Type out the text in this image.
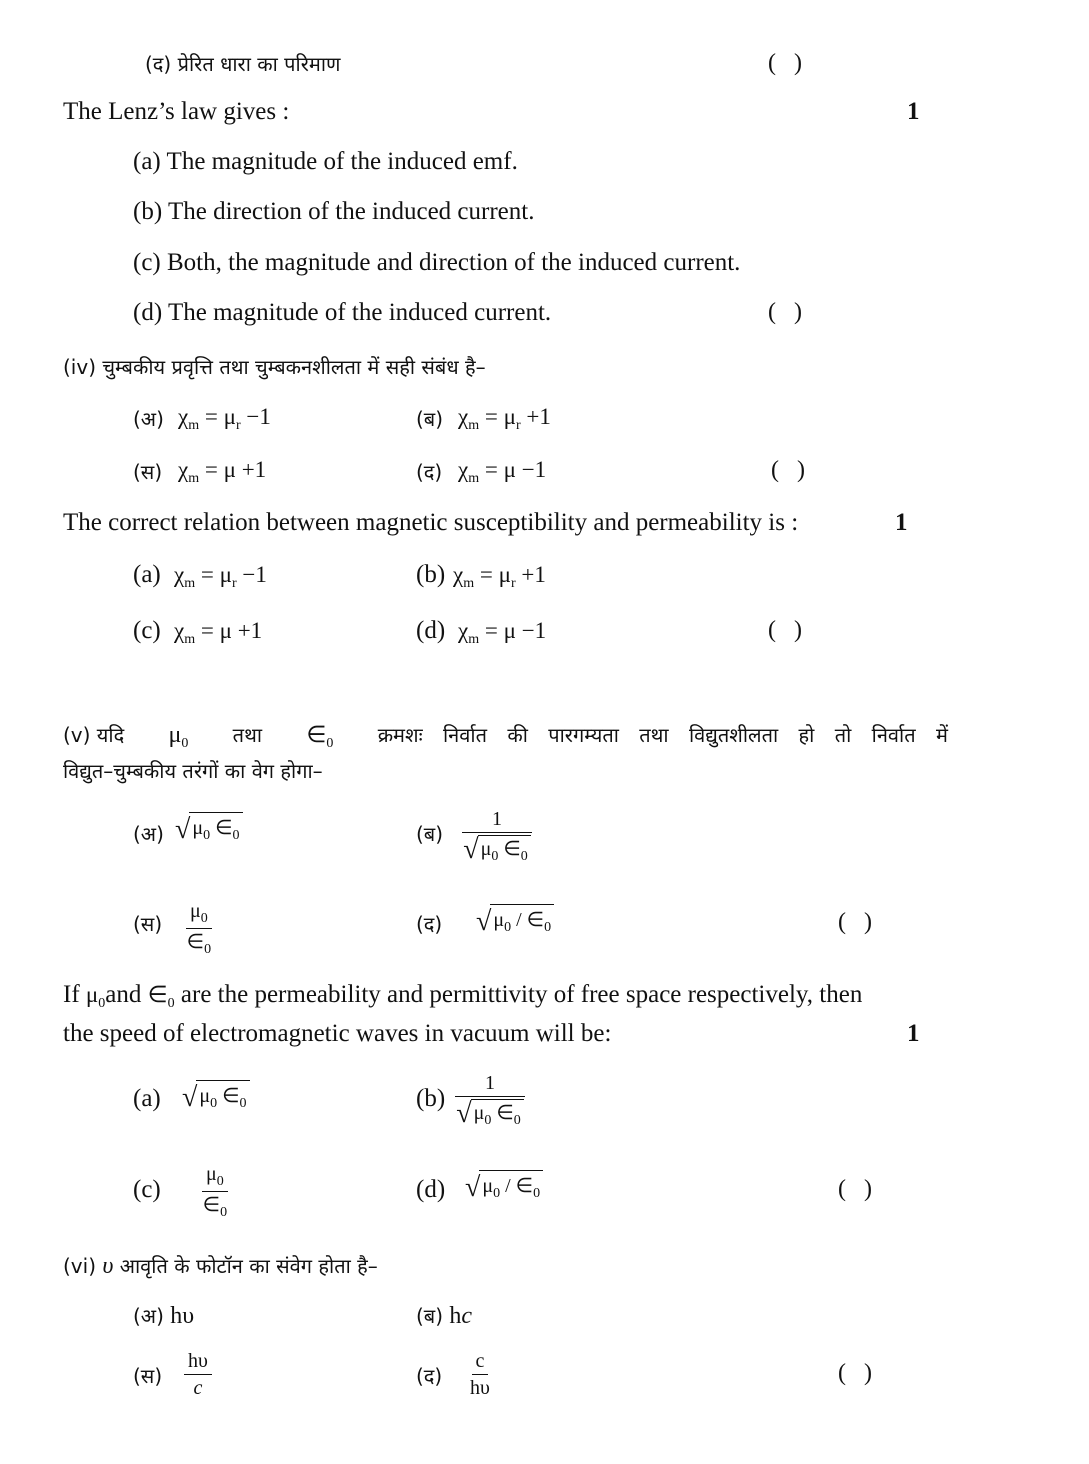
(द) प्रेरित धारा का परिमाण	( )
The Lenz’s law gives :	1
(a) The magnitude of the induced emf.
(b) The direction of the induced current.
(c) Both, the magnitude and direction of the induced current.
(d) The magnitude of the induced current.	( )
(iv) चुम्बकीय प्रवृत्ति तथा चुम्बकनशीलता में सही संबंध है–
(अ) $\chi_m = \mu_r -1$	(ब) $\chi_m = \mu_r +1$
(स) $\chi_m = \mu +1$	(द) $\chi_m = \mu -1$	( )
The correct relation between magnetic susceptibility and permeability is :	1
(a) $\chi_m = \mu_r -1$	(b) $\chi_m = \mu_r +1$
(c) $\chi_m = \mu +1$	(d) $\chi_m = \mu -1$	( )
(v) यदि $\mu_0$ तथा $\in_0$ क्रमशः निर्वात की पारगम्यता तथा विद्युतशीलता हो तो निर्वात में
विद्युत–चुम्बकीय तरंगों का वेग होगा–
(अ) √ $\mu_0$ $\in_0$	(ब) $\frac{1}{√ \mu_0 \in_0}$
(स) $\frac{\mu_0}{\in_0}$	(द) √ $\mu_0$ / $\in_0$	( )
If $\mu_0and$ $\in_0$ are the permeability and permittivity of free space respectively, then
the speed of electromagnetic waves in vacuum will be:	1
(a) √ $\mu_0$ $\in_0$	$(b) \frac{1}{√ \mu_0 \in_0}$
$(c) \frac{\mu_0}{\in_0}$	(d) √ $\mu_0$ / $\in_0$	( )
(vi) υ आवृति के फोटॉन का संवेग होता है–
(अ) hυ	(ब) hc
(स) $\frac{h\upsilon}{c}$	(द) $\frac{c}{h\upsilon}$	( )
